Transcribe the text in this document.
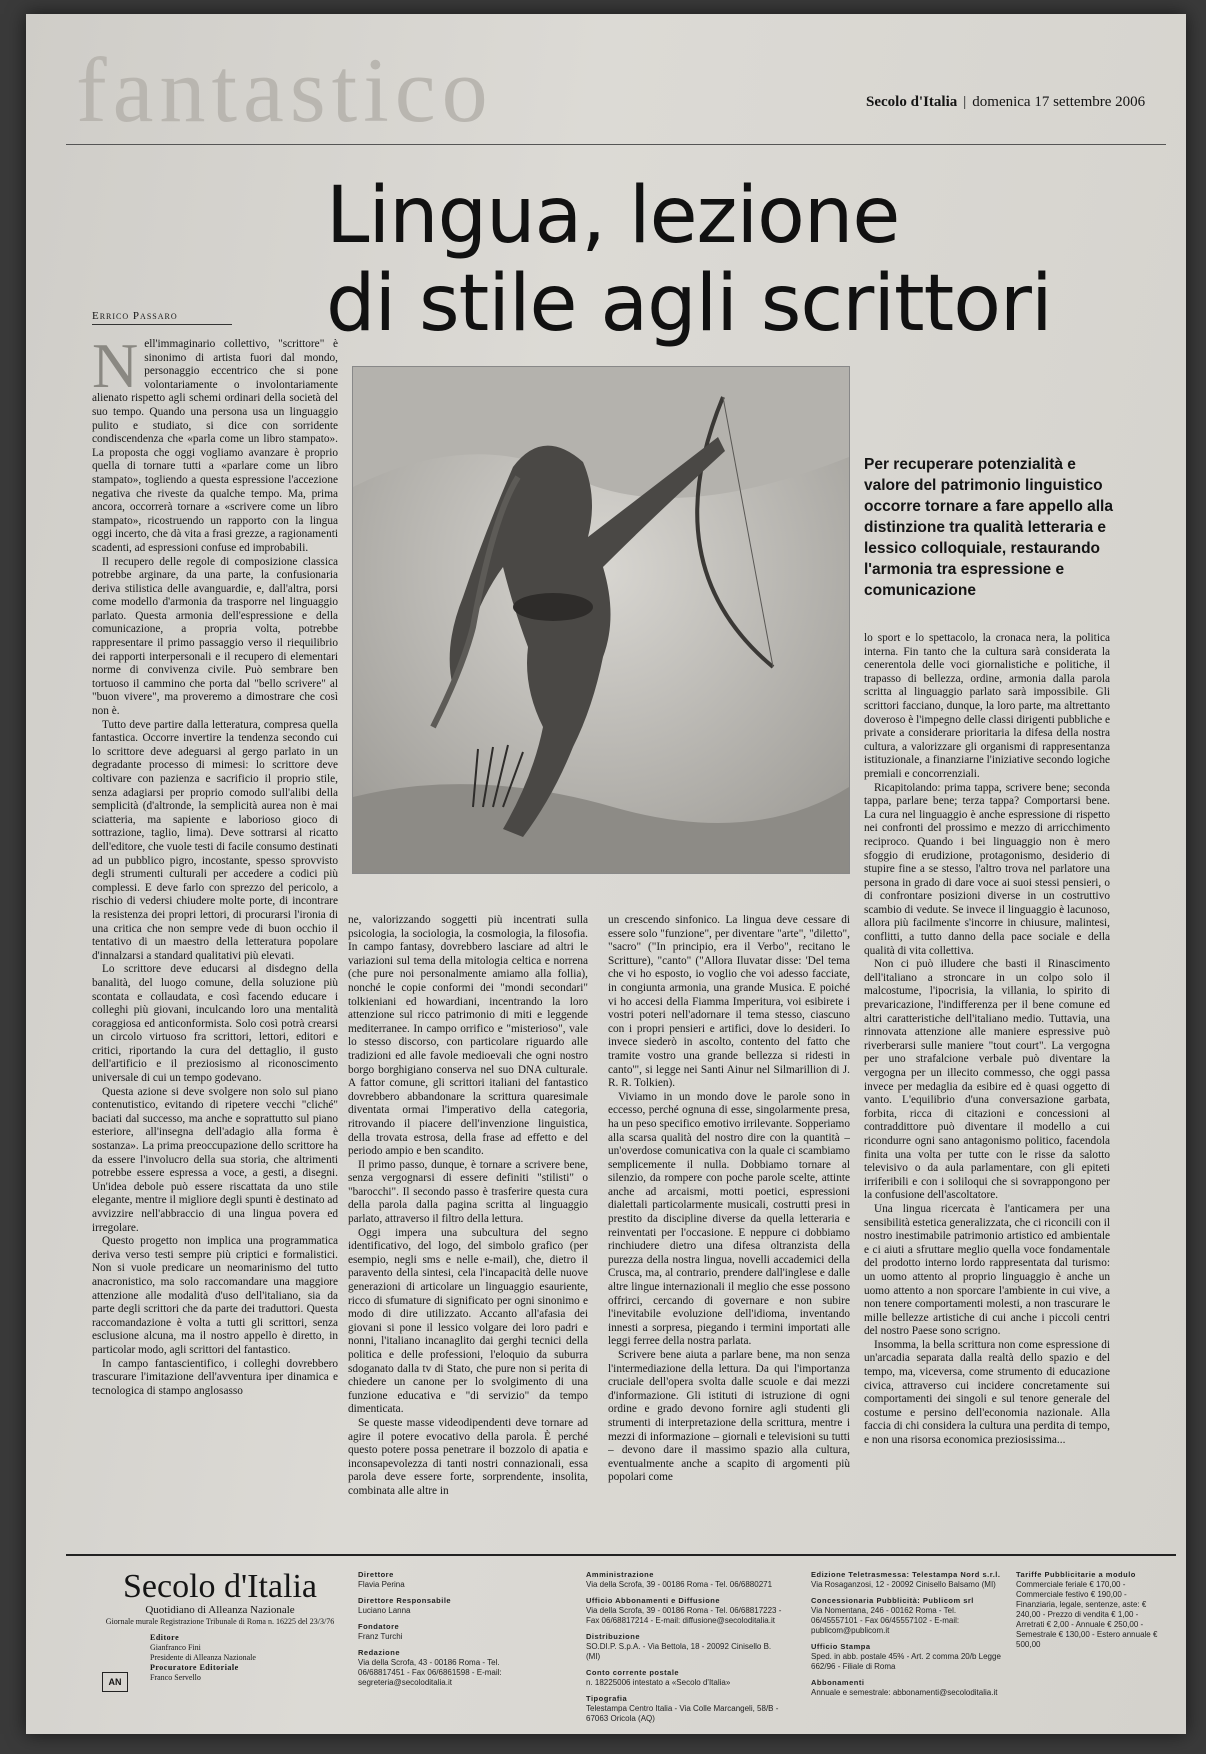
fantastico	Secolo d'Italia | domenica 17 settembre 2006
Lingua, lezione
di stile agli scrittori
Errico Passaro

Nell'immaginario collettivo, "scrittore" è sinonimo di artista fuori dal mondo, personaggio eccentrico che si pone volontariamente o involontariamente alienato rispetto agli schemi ordinari della società del suo tempo. Quando una persona usa un linguaggio pulito e studiato, si dice con sorridente condiscendenza che «parla come un libro stampato». La proposta che oggi vogliamo avanzare è proprio quella di tornare tutti a «parlare come un libro stampato», togliendo a questa espressione l'accezione negativa che riveste da qualche tempo. Ma, prima ancora, occorrerà tornare a «scrivere come un libro stampato», ricostruendo un rapporto con la lingua oggi incerto, che dà vita a frasi grezze, a ragionamenti scadenti, ad espressioni confuse ed improbabili.

Il recupero delle regole di composizione classica potrebbe arginare, da una parte, la confusionaria deriva stilistica delle avanguardie, e, dall'altra, porsi come modello d'armonia da trasporre nel linguaggio parlato. Questa armonia dell'espressione e della comunicazione, a propria volta, potrebbe rappresentare il primo passaggio verso il riequilibrio dei rapporti interpersonali e il recupero di elementari norme di convivenza civile. Può sembrare ben tortuoso il cammino che porta dal "bello scrivere" al "buon vivere", ma proveremo a dimostrare che così non è.

Tutto deve partire dalla letteratura, compresa quella fantastica. Occorre invertire la tendenza secondo cui lo scrittore deve adeguarsi al gergo parlato in un degradante processo di mimesi: lo scrittore deve coltivare con pazienza e sacrificio il proprio stile, senza adagiarsi per proprio comodo sull'alibi della semplicità (d'altronde, la semplicità aurea non è mai sciatteria, ma sapiente e laborioso gioco di sottrazione, taglio, lima). Deve sottrarsi al ricatto dell'editore, che vuole testi di facile consumo destinati ad un pubblico pigro, incostante, spesso sprovvisto degli strumenti culturali per accedere a codici più complessi. E deve farlo con sprezzo del pericolo, a rischio di vedersi chiudere molte porte, di incontrare la resistenza dei propri lettori, di procurarsi l'ironia di una critica che non sempre vede di buon occhio il tentativo di un maestro della letteratura popolare d'innalzarsi a standard qualitativi più elevati.

Lo scrittore deve educarsi al disdegno della banalità, del luogo comune, della soluzione più scontata e collaudata, e così facendo educare i colleghi più giovani, inculcando loro una mentalità coraggiosa ed anticonformista. Solo così potrà crearsi un circolo virtuoso fra scrittori, lettori, editori e critici, riportando la cura del dettaglio, il gusto dell'artificio e il preziosismo al riconoscimento universale di cui un tempo godevano.

Questa azione si deve svolgere non solo sul piano contenutistico, evitando di ripetere vecchi "cliché" baciati dal successo, ma anche e soprattutto sul piano esteriore, all'insegna dell'adagio alla forma è sostanza». La prima preoccupazione dello scrittore ha da essere l'involucro della sua storia, che altrimenti potrebbe essere espressa a voce, a gesti, a disegni. Un'idea debole può essere riscattata da uno stile elegante, mentre il migliore degli spunti è destinato ad avvizzire nell'abbraccio di una lingua povera ed irregolare.

Questo progetto non implica una programmatica deriva verso testi sempre più criptici e formalistici. Non si vuole predicare un neomarinismo del tutto anacronistico, ma solo raccomandare una maggiore attenzione alle modalità d'uso dell'italiano, sia da parte degli scrittori che da parte dei traduttori. Questa raccomandazione è volta a tutti gli scrittori, senza esclusione alcuna, ma il nostro appello è diretto, in particolar modo, agli scrittori del fantastico.

In campo fantascientifico, i colleghi dovrebbero trascurare l'imitazione dell'avventura iper dinamica e tecnologica di stampo anglosasso

Per recuperare potenzialità e valore del patrimonio linguistico occorre tornare a fare appello alla distinzione tra qualità letteraria e lessico colloquiale, restaurando l'armonia tra espressione e comunicazione

ne, valorizzando soggetti più incentrati sulla psicologia, la sociologia, la cosmologia, la filosofia. In campo fantasy, dovrebbero lasciare ad altri le variazioni sul tema della mitologia celtica e norrena (che pure noi personalmente amiamo alla follia), nonché le copie conformi dei "mondi secondari" tolkieniani ed howardiani, incentrando la loro attenzione sul ricco patrimonio di miti e leggende mediterranee. In campo orrifico e "misterioso", vale lo stesso discorso, con particolare riguardo alle tradizioni ed alle favole medioevali che ogni nostro borgo borghigiano conserva nel suo DNA culturale. A fattor comune, gli scrittori italiani del fantastico dovrebbero abbandonare la scrittura quaresimale diventata ormai l'imperativo della categoria, ritrovando il piacere dell'invenzione linguistica, della trovata estrosa, della frase ad effetto e del periodo ampio e ben scandito.

Il primo passo, dunque, è tornare a scrivere bene, senza vergognarsi di essere definiti "stilisti" o "barocchi". Il secondo passo è trasferire questa cura della parola dalla pagina scritta al linguaggio parlato, attraverso il filtro della lettura.

Oggi impera una subcultura del segno identificativo, del logo, del simbolo grafico (per esempio, negli sms e nelle e-mail), che, dietro il paravento della sintesi, cela l'incapacità delle nuove generazioni di articolare un linguaggio esauriente, ricco di sfumature di significato per ogni sinonimo e modo di dire utilizzato. Accanto all'afasia dei giovani si pone il lessico volgare dei loro padri e nonni, l'italiano incanaglito dai gerghi tecnici della politica e delle professioni, l'eloquio da suburra sdoganato dalla tv di Stato, che pure non si perita di chiedere un canone per lo svolgimento di una funzione educativa e "di servizio" da tempo dimenticata.

Se queste masse videodipendenti deve tornare ad agire il potere evocativo della parola. È perché questo potere possa penetrare il bozzolo di apatia e inconsapevolezza di tanti nostri connazionali, essa parola deve essere forte, sorprendente, insolita, combinata alle altre in

un crescendo sinfonico. La lingua deve cessare di essere solo "funzione", per diventare "arte", "diletto", "sacro" ("In principio, era il Verbo", recitano le Scritture), "canto" ("Allora Iluvatar disse: 'Del tema che vi ho esposto, io voglio che voi adesso facciate, in congiunta armonia, una grande Musica. E poiché vi ho accesi della Fiamma Imperitura, voi esibirete i vostri poteri nell'adornare il tema stesso, ciascuno con i propri pensieri e artifici, dove lo desideri. Io invece siederò in ascolto, contento del fatto che tramite vostro una grande bellezza si ridesti in canto'", si legge nei Santi Ainur nel Silmarillion di J. R. R. Tolkien).

Viviamo in un mondo dove le parole sono in eccesso, perché ognuna di esse, singolarmente presa, ha un peso specifico emotivo irrilevante. Sopperiamo alla scarsa qualità del nostro dire con la quantità – un'overdose comunicativa con la quale ci scambiamo semplicemente il nulla. Dobbiamo tornare al silenzio, da rompere con poche parole scelte, attinte anche ad arcaismi, motti poetici, espressioni dialettali particolarmente musicali, costrutti presi in prestito da discipline diverse da quella letteraria e reinventati per l'occasione. E neppure ci dobbiamo rinchiudere dietro una difesa oltranzista della purezza della nostra lingua, novelli accademici della Crusca, ma, al contrario, prendere dall'inglese e dalle altre lingue internazionali il meglio che esse possono offrirci, cercando di governare e non subire l'inevitabile evoluzione dell'idioma, inventando innesti a sorpresa, piegando i termini importati alle leggi ferree della nostra parlata.

Scrivere bene aiuta a parlare bene, ma non senza l'intermediazione della lettura. Da qui l'importanza cruciale dell'opera svolta dalle scuole e dai mezzi d'informazione. Gli istituti di istruzione di ogni ordine e grado devono fornire agli studenti gli strumenti di interpretazione della scrittura, mentre i mezzi di informazione – giornali e televisioni su tutti – devono dare il massimo spazio alla cultura, eventualmente anche a scapito di argomenti più popolari come

lo sport e lo spettacolo, la cronaca nera, la politica interna. Fin tanto che la cultura sarà considerata la cenerentola delle voci giornalistiche e politiche, il trapasso di bellezza, ordine, armonia dalla parola scritta al linguaggio parlato sarà impossibile. Gli scrittori facciano, dunque, la loro parte, ma altrettanto doveroso è l'impegno delle classi dirigenti pubbliche e private a considerare prioritaria la difesa della nostra cultura, a valorizzare gli organismi di rappresentanza istituzionale, a finanziarne l'iniziative secondo logiche premiali e concorrenziali.

Ricapitolando: prima tappa, scrivere bene; seconda tappa, parlare bene; terza tappa? Comportarsi bene. La cura nel linguaggio è anche espressione di rispetto nei confronti del prossimo e mezzo di arricchimento reciproco. Quando i bei linguaggio non è mero sfoggio di erudizione, protagonismo, desiderio di stupire fine a se stesso, l'altro trova nel parlatore una persona in grado di dare voce ai suoi stessi pensieri, o di confrontare posizioni diverse in un costruttivo scambio di vedute. Se invece il linguaggio è lacunoso, allora più facilmente s'incorre in chiusure, malintesi, conflitti, a tutto danno della pace sociale e della qualità di vita collettiva.

Non ci può illudere che basti il Rinascimento dell'italiano a stroncare in un colpo solo il malcostume, l'ipocrisia, la villania, lo spirito di prevaricazione, l'indifferenza per il bene comune ed altri caratteristiche dell'italiano medio. Tuttavia, una rinnovata attenzione alle maniere espressive può riverberarsi sulle maniere "tout court". La vergogna per uno strafalcione verbale può diventare la vergogna per un illecito commesso, che oggi passa invece per medaglia da esibire ed è quasi oggetto di vanto. L'equilibrio d'una conversazione garbata, forbita, ricca di citazioni e concessioni al contraddittore può diventare il modello a cui ricondurre ogni sano antagonismo politico, facendola finita una volta per tutte con le risse da salotto televisivo o da aula parlamentare, con gli epiteti irriferibili e con i soliloqui che si sovrappongono per la confusione dell'ascoltatore.

Una lingua ricercata è l'anticamera per una sensibilità estetica generalizzata, che ci riconcili con il nostro inestimabile patrimonio artistico ed ambientale e ci aiuti a sfruttare meglio quella voce fondamentale del prodotto interno lordo rappresentata dal turismo: un uomo attento al proprio linguaggio è anche un uomo attento a non sporcare l'ambiente in cui vive, a non tenere comportamenti molesti, a non trascurare le mille bellezze artistiche di cui anche i piccoli centri del nostro Paese sono scrigno.

Insomma, la bella scrittura non come espressione di un'arcadia separata dalla realtà dello spazio e del tempo, ma, viceversa, come strumento di educazione civica, attraverso cui incidere concretamente sui comportamenti dei singoli e sul tenore generale del costume e persino dell'economia nazionale. Alla faccia di chi considera la cultura una perdita di tempo, e non una risorsa economica preziosissima...

Secolo d'Italia
Quotidiano di Alleanza Nazionale
Giornale murale Registrazione Tribunale di Roma n. 16225 del 23/3/76
Editore
Gianfranco Fini
Presidente di Alleanza Nazionale
Procuratore Editoriale
Franco Servello
AN
Direttore
Flavia Perina
Direttore Responsabile
Luciano Lanna
Fondatore
Franz Turchi
Redazione
Via della Scrofa, 43 - 00186 Roma - Tel. 06/68817451 - Fax 06/6861598 - E-mail: segreteria@secoloditalia.it
Amministrazione
Via della Scrofa, 39 - 00186 Roma - Tel. 06/6880271
Ufficio Abbonamenti e Diffusione
Via della Scrofa, 39 - 00186 Roma - Tel. 06/68817223 - Fax 06/68817214 - E-mail: diffusione@secoloditalia.it
Distribuzione
SO.DI.P. S.p.A. - Via Bettola, 18 - 20092 Cinisello B. (MI)
Conto corrente postale
n. 18225006 intestato a «Secolo d'Italia»
Tipografia
Telestampa Centro Italia - Via Colle Marcangeli, 58/B - 67063 Oricola (AQ)
Edizione Teletrasmessa: Telestampa Nord s.r.l.
Via Rosaganzosi, 12 - 20092 Cinisello Balsamo (MI)
Concessionaria Pubblicità: Publicom srl
Via Nomentana, 246 - 00162 Roma - Tel. 06/45557101 - Fax 06/45557102 - E-mail: publicom@publicom.it
Ufficio Stampa
Sped. in abb. postale 45% - Art. 2 comma 20/b Legge 662/96 - Filiale di Roma
Abbonamenti
Annuale e semestrale: abbonamenti@secoloditalia.it
Tariffe Pubblicitarie a modulo
Commerciale feriale € 170,00 - Commerciale festivo € 190,00 - Finanziaria, legale, sentenze, aste: € 240,00 - Prezzo di vendita € 1,00 - Arretrati € 2,00 - Annuale € 250,00 - Semestrale € 130,00 - Estero annuale € 500,00
